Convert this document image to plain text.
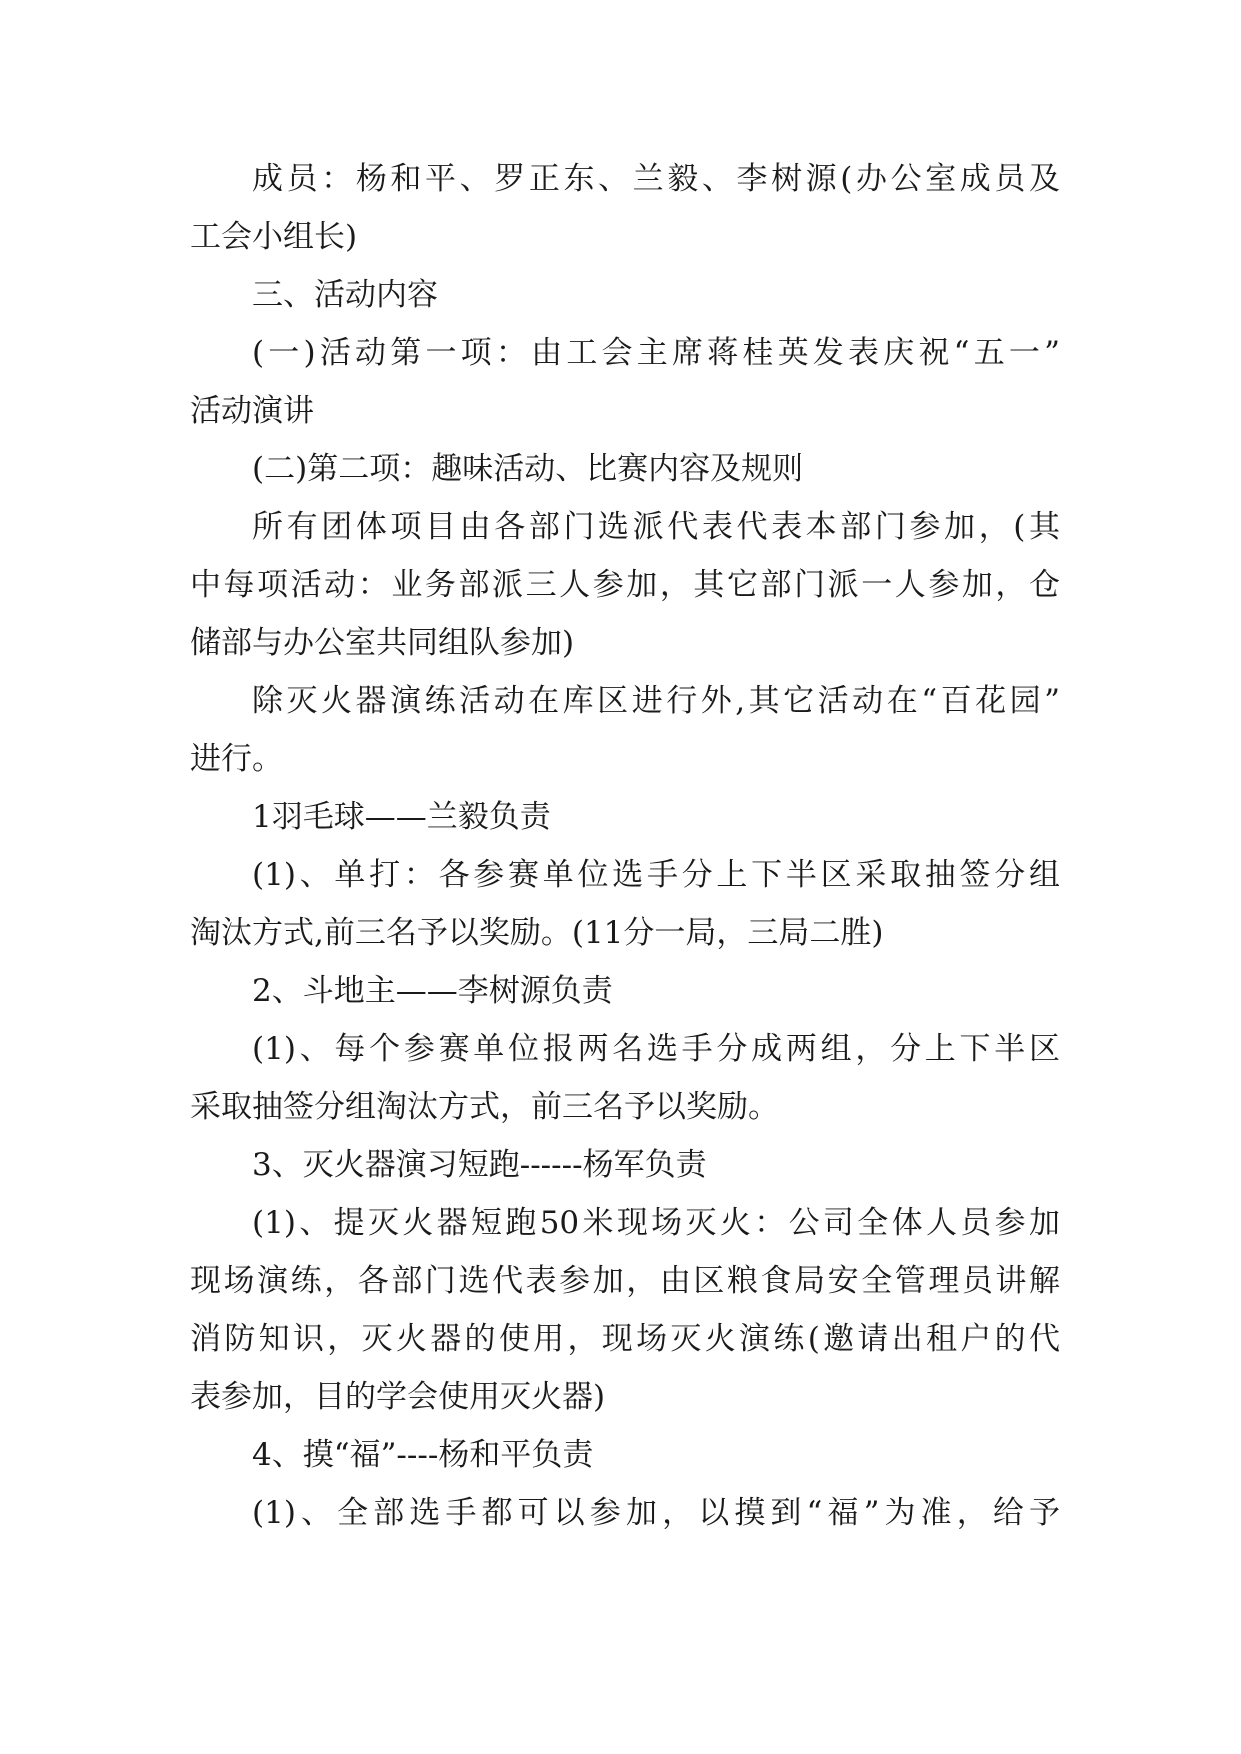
成员：杨和平、罗正东、兰毅、李树源(办公室成员及
工会小组长)
三、活动内容
(一)活动第一项：由工会主席蒋桂英发表庆祝“五一”
活动演讲
(二)第二项：趣味活动、比赛内容及规则
所有团体项目由各部门选派代表代表本部门参加，(其
中每项活动：业务部派三人参加，其它部门派一人参加，仓
储部与办公室共同组队参加)
除灭火器演练活动在库区进行外,其它活动在“百花园”
进行。
1羽毛球——兰毅负责
(1)、单打：各参赛单位选手分上下半区采取抽签分组
淘汰方式,前三名予以奖励。(11分一局，三局二胜)
2、斗地主——李树源负责
(1)、每个参赛单位报两名选手分成两组，分上下半区
采取抽签分组淘汰方式，前三名予以奖励。
3、灭火器演习短跑------杨军负责
(1)、提灭火器短跑50米现场灭火：公司全体人员参加
现场演练，各部门选代表参加，由区粮食局安全管理员讲解
消防知识，灭火器的使用，现场灭火演练(邀请出租户的代
表参加，目的学会使用灭火器)
4、摸“福”----杨和平负责
(1)、全部选手都可以参加，以摸到“福”为准，给予
